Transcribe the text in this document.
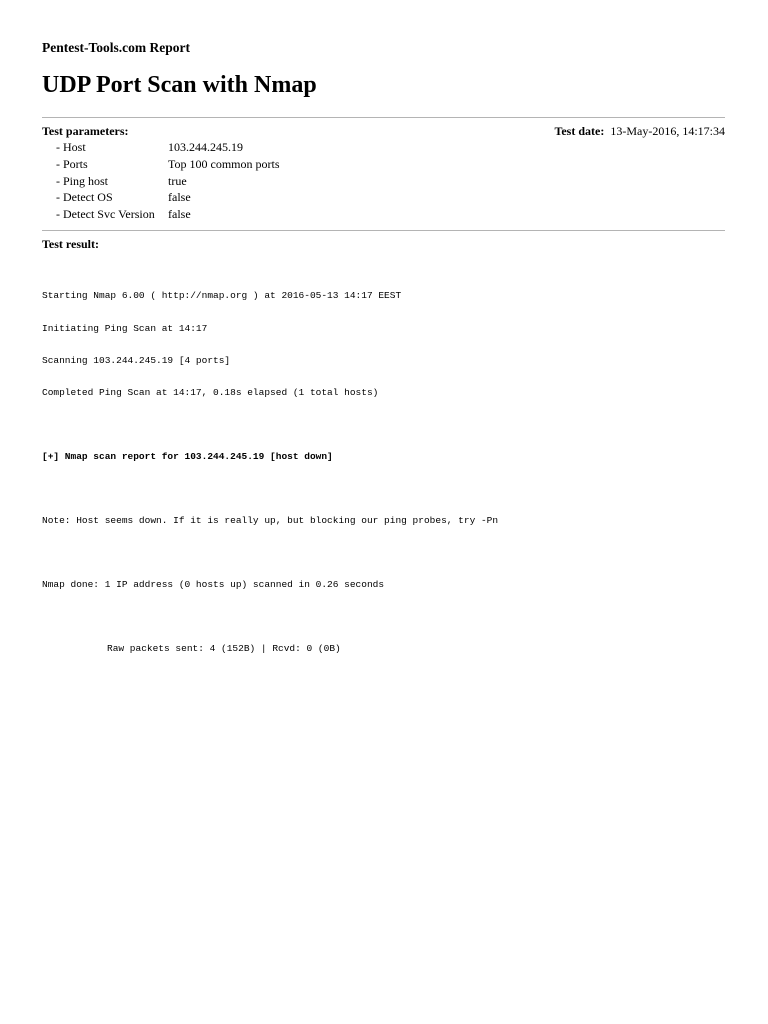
Pentest-Tools.com Report
UDP Port Scan with Nmap
Test parameters:	Test date: 13-May-2016, 14:17:34
- Host	103.244.245.19
- Ports	Top 100 common ports
- Ping host	true
- Detect OS	false
- Detect Svc Version false
Test result:

Starting Nmap 6.00 ( http://nmap.org ) at 2016-05-13 14:17 EEST

Initiating Ping Scan at 14:17

Scanning 103.244.245.19 [4 ports]

Completed Ping Scan at 14:17, 0.18s elapsed (1 total hosts)

[+] Nmap scan report for 103.244.245.19 [host down]

Note: Host seems down. If it is really up, but blocking our ping probes, try -Pn

Nmap done: 1 IP address (0 hosts up) scanned in 0.26 seconds

Raw packets sent: 4 (152B) | Rcvd: 0 (0B)
